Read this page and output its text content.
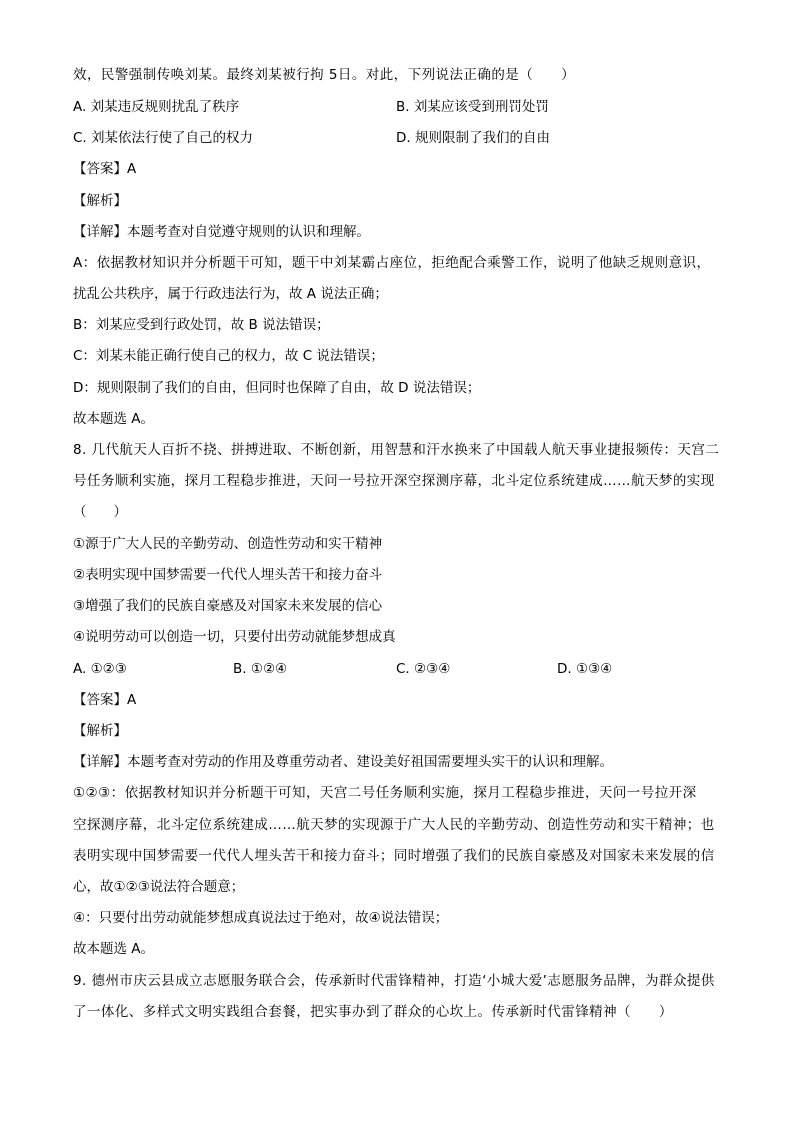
效，民警强制传唤刘某。最终刘某被行拘 5日。对此，下列说法正确的是（　　）
A. 刘某违反规则扰乱了秩序	B. 刘某应该受到刑罚处罚
C. 刘某依法行使了自己的权力	D. 规则限制了我们的自由
【答案】A
【解析】
【详解】本题考查对自觉遵守规则的认识和理解。
A：依据教材知识并分析题干可知，题干中刘某霸占座位，拒绝配合乘警工作，说明了他缺乏规则意识，
扰乱公共秩序，属于行政违法行为，故 A 说法正确；
B：刘某应受到行政处罚，故 B 说法错误；
C：刘某未能正确行使自己的权力，故 C 说法错误；
D：规则限制了我们的自由，但同时也保障了自由，故 D 说法错误；
故本题选 A。
8. 几代航天人百折不挠、拼搏进取、不断创新，用智慧和汗水换来了中国载人航天事业捷报频传：天宫二
号任务顺利实施，探月工程稳步推进，天问一号拉开深空探测序幕，北斗定位系统建成……航天梦的实现
（　　）
①源于广大人民的辛勤劳动、创造性劳动和实干精神
②表明实现中国梦需要一代代人埋头苦干和接力奋斗
③增强了我们的民族自豪感及对国家未来发展的信心
④说明劳动可以创造一切，只要付出劳动就能梦想成真
A. ①②③	B. ①②④	C. ②③④	D. ①③④
【答案】A
【解析】
【详解】本题考查对劳动的作用及尊重劳动者、建设美好祖国需要埋头实干的认识和理解。
①②③：依据教材知识并分析题干可知，天宫二号任务顺利实施，探月工程稳步推进，天问一号拉开深
空探测序幕，北斗定位系统建成……航天梦的实现源于广大人民的辛勤劳动、创造性劳动和实干精神；也
表明实现中国梦需要一代代人埋头苦干和接力奋斗；同时增强了我们的民族自豪感及对国家未来发展的信
心，故①②③说法符合题意；
④：只要付出劳动就能梦想成真说法过于绝对，故④说法错误；
故本题选 A。
9. 德州市庆云县成立志愿服务联合会，传承新时代雷锋精神，打造‘小城大爱’志愿服务品牌，为群众提供
了一体化、多样式文明实践组合套餐，把实事办到了群众的心坎上。传承新时代雷锋精神（　　）
